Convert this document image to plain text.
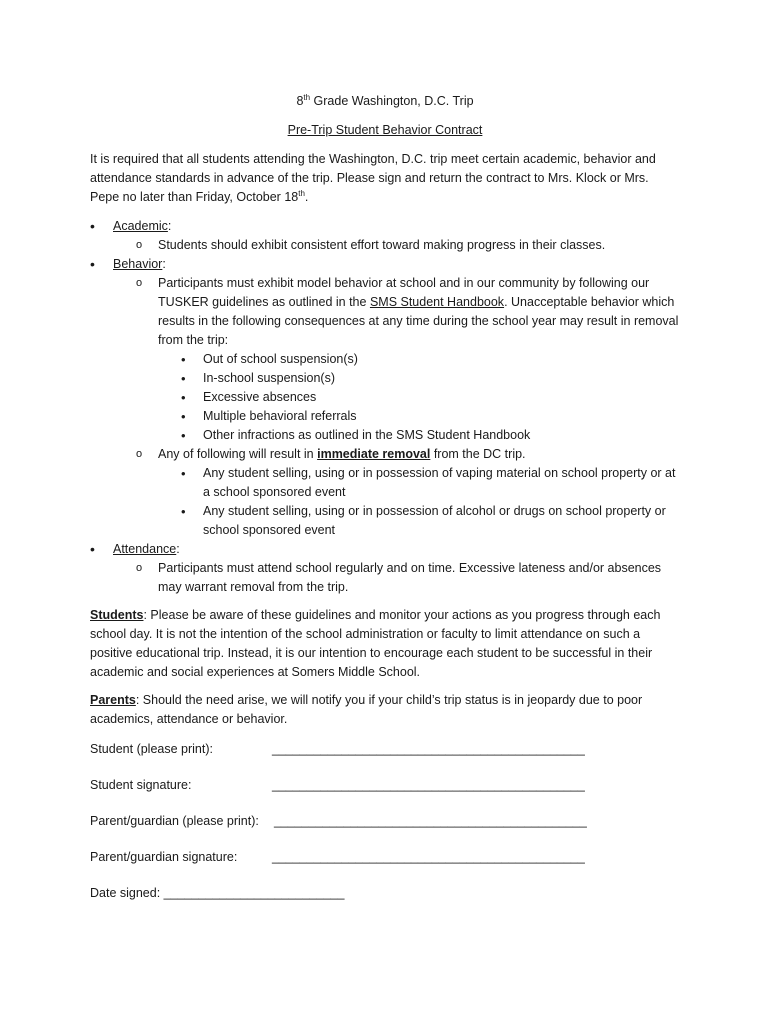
8th Grade Washington, D.C. Trip

Pre-Trip Student Behavior Contract

It is required that all students attending the Washington, D.C. trip meet certain academic, behavior and attendance standards in advance of the trip. Please sign and return the contract to Mrs. Klock or Mrs. Pepe no later than Friday, October 18th.

• Academic:
o Students should exhibit consistent effort toward making progress in their classes.
• Behavior:
o Participants must exhibit model behavior at school and in our community by following our TUSKER guidelines as outlined in the SMS Student Handbook. Unacceptable behavior which results in the following consequences at any time during the school year may result in removal from the trip:
• Out of school suspension(s)
• In-school suspension(s)
• Excessive absences
• Multiple behavioral referrals
• Other infractions as outlined in the SMS Student Handbook
o Any of following will result in immediate removal from the DC trip.
• Any student selling, using or in possession of vaping material on school property or at a school sponsored event
• Any student selling, using or in possession of alcohol or drugs on school property or school sponsored event
• Attendance:
o Participants must attend school regularly and on time. Excessive lateness and/or absences may warrant removal from the trip.

Students: Please be aware of these guidelines and monitor your actions as you progress through each school day. It is not the intention of the school administration or faculty to limit attendance on such a positive educational trip. Instead, it is our intention to encourage each student to be successful in their academic and social experiences at Somers Middle School.

Parents: Should the need arise, we will notify you if your child’s trip status is in jeopardy due to poor academics, attendance or behavior.

Student (please print):	_____________________________________________
Student signature:	_____________________________________________
Parent/guardian (please print): _____________________________________________
Parent/guardian signature:	_____________________________________________
Date signed: __________________________
